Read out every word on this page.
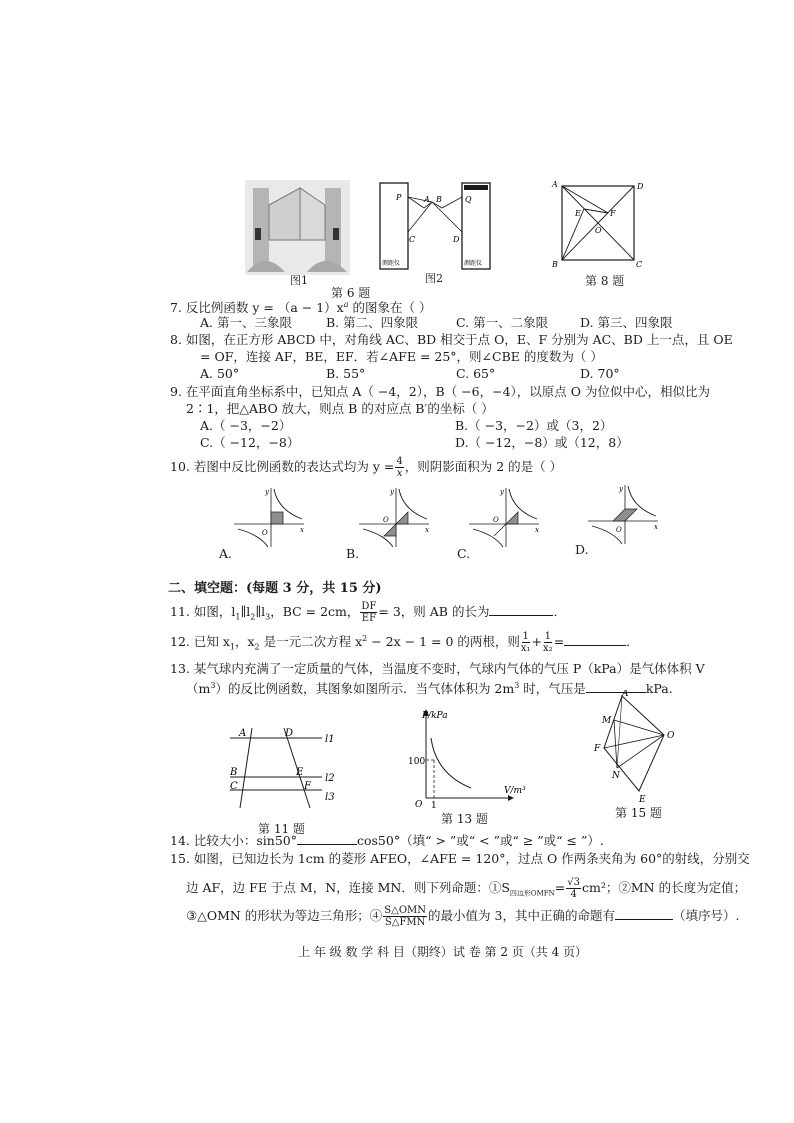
图1
P	A B	Q
C	D
测距仪	测距仪
图2
第 6 题
A	D
E	F
O
B	C
第 8 题
7. 反比例函数 $y = (a - 1)x^a$ 的图象在（ ）
A. 第一、三象限	B. 第二、四象限	C. 第一、二象限	D. 第三、四象限
8. 如图，在正方形 ABCD 中，对角线 AC、BD 相交于点 O，E、F 分别为 AC、BD 上一点，且 OE
= OF，连接 AF，BE，EF．若∠AFE = 25°，则∠CBE 的度数为（ ）
A. 50°	B. 55°	C. 65°	D. 70°
9. 在平面直角坐标系中，已知点 A（ −4，2），B（ −6，−4），以原点 O 为位似中心，相似比为
2∶1，把△ABO 放大，则点 B 的对应点 B′的坐标（ ）
A.（ −3，−2）	B.（ −3，−2）或（3，2）
C.（ −12，−8）	D.（ −12，−8）或（12，8）
10. 若图中反比例函数的表达式均为 $y = \frac{4}{x}$ ，则阴影面积为 2 的是（ ）
y
x
O
A.
y
x
O
B.
y
x
O
C.
y
x
O
D.
二、填空题：(每题 3 分，共 15 分)
11. 如图，$l_1\parallel l_2\parallel l_3$，BC = 2cm， $\frac{DF}{EF} = 3$，则 AB 的长为	．
12. 已知 $x_1$，$x_2$ 是一元二次方程 $x^2 - 2x - 1 = 0$ 的两根，则 $\frac{1}{\text{x₁}} + \frac{1}{\text{x₂}}$ =	．
13. 某气球内充满了一定质量的气体，当温度不变时，气球内气体的气压 P（kPa）是气体体积 V
$(m^3)$的反比例函数，其图象如图所示．当气体体积为 $2m^3$ 时，气压是	kPa.
A	D
l1
B	E
l2
C	F
l3
第 11 题
P/kPa
V/m³
100
1
O
第 13 题
A
M
O
F
N
E
第 15 题
14. 比较大小：sin50°	cos50°（填“ > ”或“ < ”或“ ≥ ”或“ ≤ ”）.
15. 如图，已知边长为 1cm 的菱形 AFEO，∠AFE = 120°，过点 O 作两条夹角为 60°的射线，分别交
边 AF，边 FE 于点 M，N，连接 MN．则下列命题：$①S_{四边形OMFN}= \frac{√3}{4} cm^2$；②MN 的长度为定值；
③△OMN 的形状为等边三角形；④ $\frac{\text{S△OMN}}{\text{S△FMN}}$ 的最小值为 3，其中正确的命题有	（填序号）.
上 年 级 数 学 科 目（期终）试 卷 第 2 页（共 4 页）
